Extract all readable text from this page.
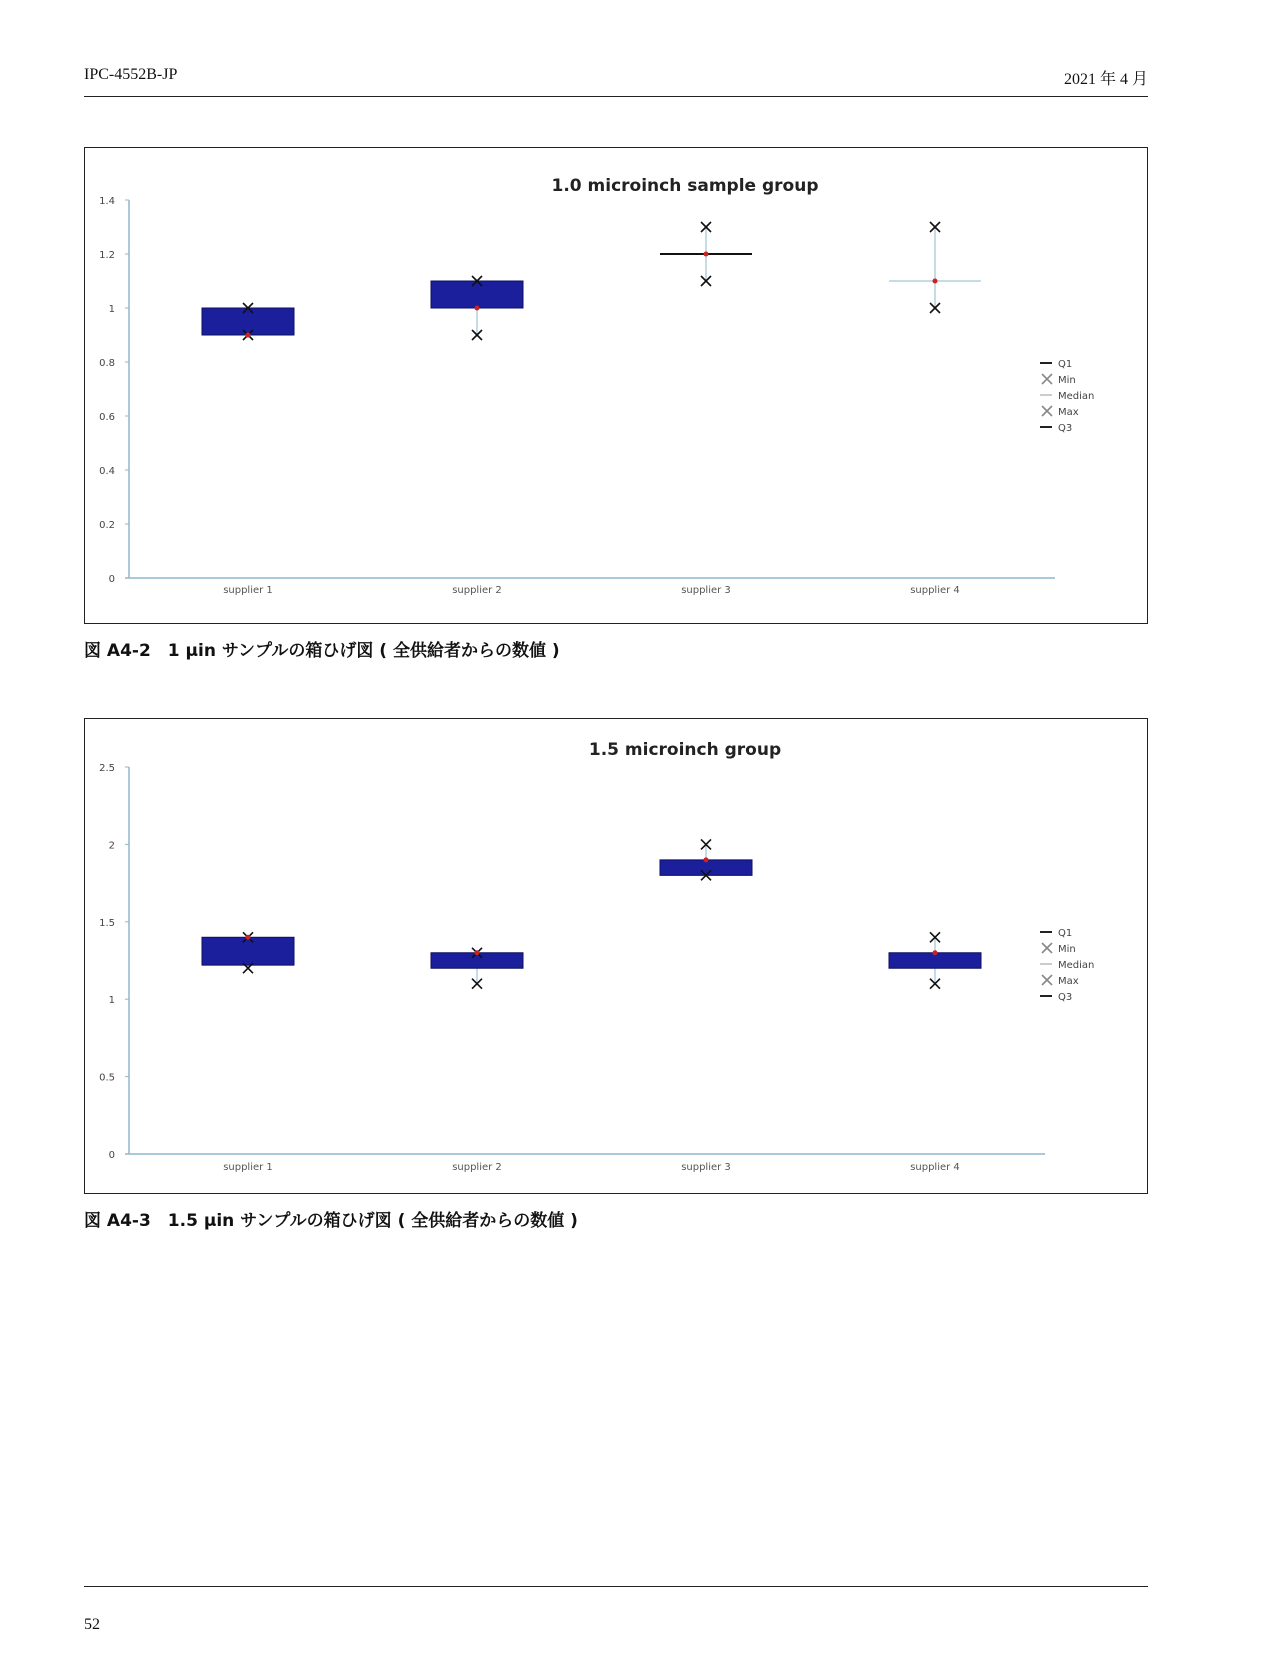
IPC-4552B-JP	2021 年 4 月
1.0 microinch sample group
0
0.2
0.4
0.6
0.8
1
1.2
1.4
supplier 1	supplier 2	supplier 3	supplier 4
Q1
Min
Median
Max
Q3
図 A4-2　1 µin サンプルの箱ひげ図 ( 全供給者からの数値 )
1.5 microinch group
0
0.5
1
1.5
2
2.5
supplier 1	supplier 2	supplier 3	supplier 4
Q1
Min
Median
Max
Q3
図 A4-3　1.5 µin サンプルの箱ひげ図 ( 全供給者からの数値 )
52
